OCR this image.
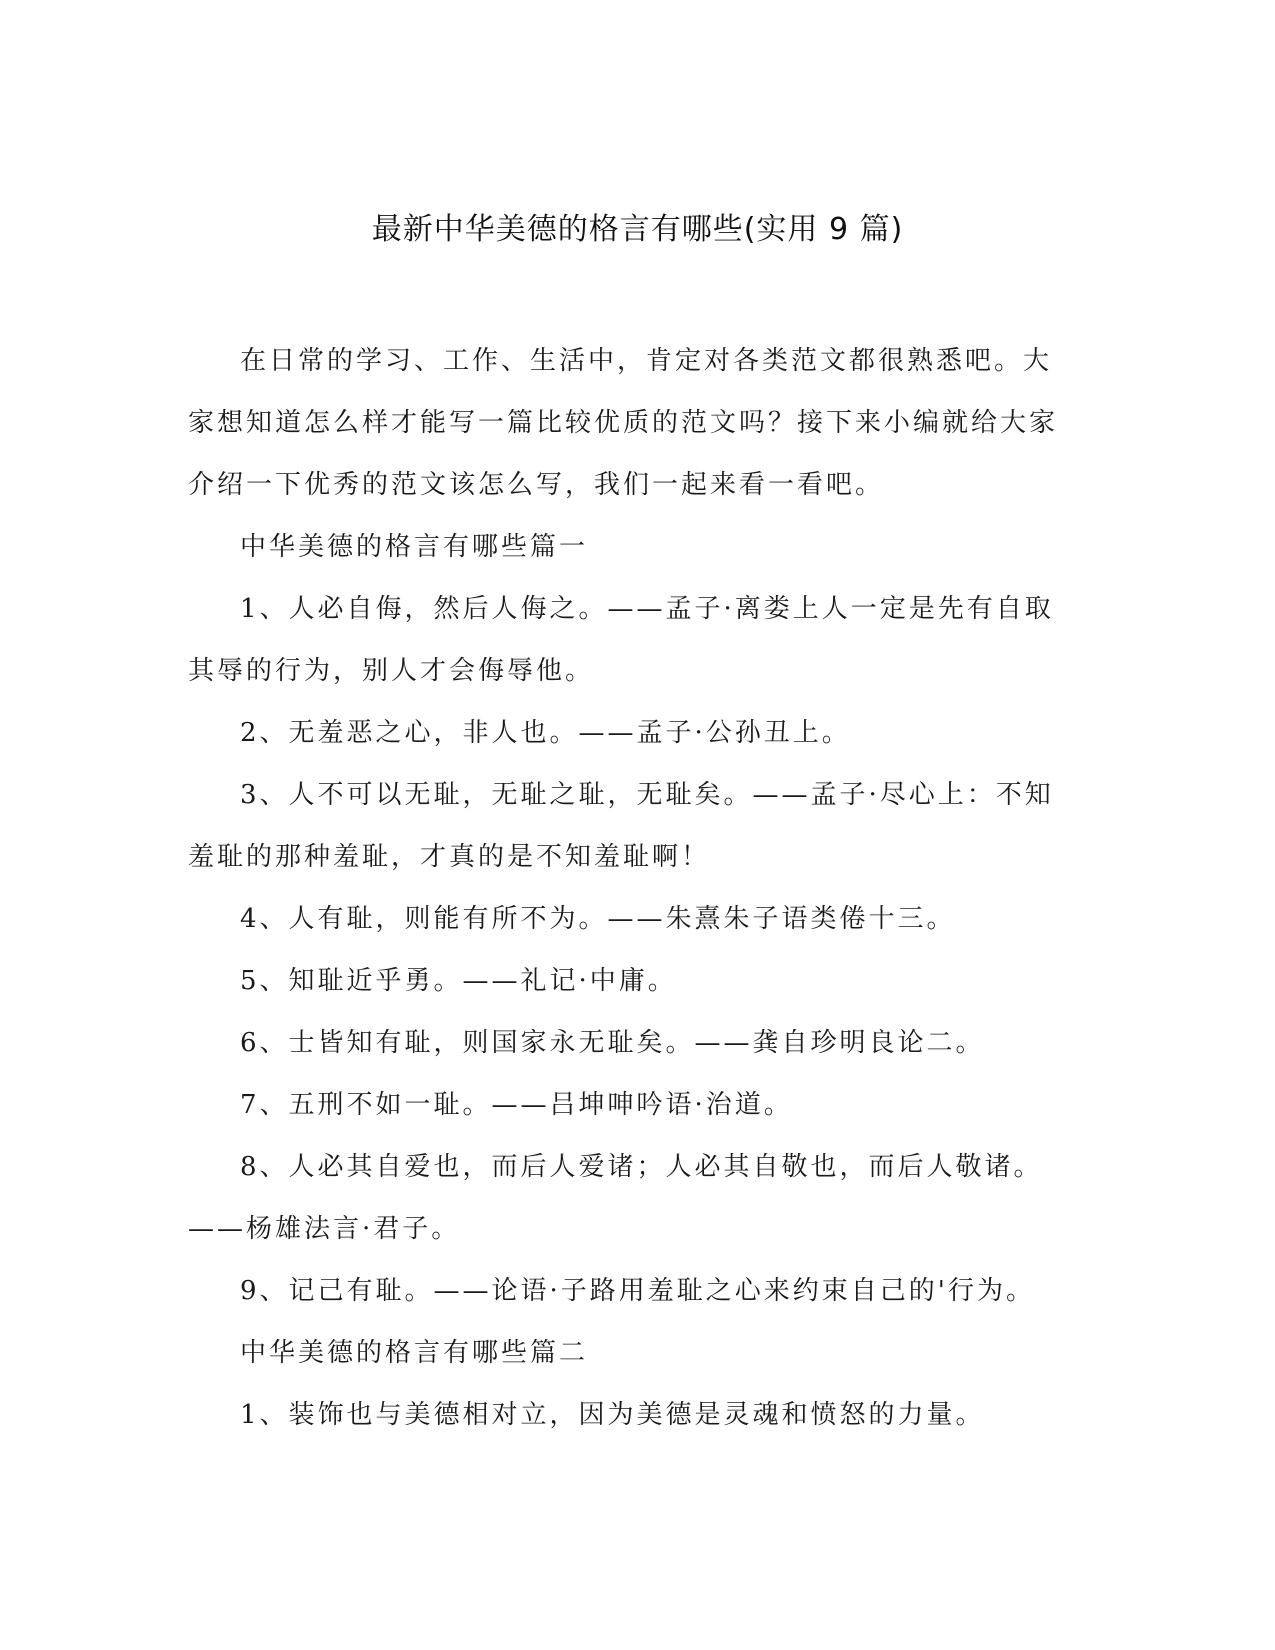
最新中华美德的格言有哪些(实用 9 篇)

在日常的学习、工作、生活中，肯定对各类范文都很熟悉吧。大家想知道怎么样才能写一篇比较优质的范文吗？接下来小编就给大家介绍一下优秀的范文该怎么写，我们一起来看一看吧。

中华美德的格言有哪些篇一

1、人必自侮，然后人侮之。——孟子·离娄上人一定是先有自取其辱的行为，别人才会侮辱他。

2、无羞恶之心，非人也。——孟子·公孙丑上。

3、人不可以无耻，无耻之耻，无耻矣。——孟子·尽心上：不知羞耻的那种羞耻，才真的是不知羞耻啊！

4、人有耻，则能有所不为。——朱熹朱子语类倦十三。

5、知耻近乎勇。——礼记·中庸。

6、士皆知有耻，则国家永无耻矣。——龚自珍明良论二。

7、五刑不如一耻。——吕坤呻吟语·治道。

8、人必其自爱也，而后人爱诸；人必其自敬也，而后人敬诸。——杨雄法言·君子。

9、记己有耻。——论语·子路用羞耻之心来约束自己的'行为。

中华美德的格言有哪些篇二

1、装饰也与美德相对立，因为美德是灵魂和愤怒的力量。
